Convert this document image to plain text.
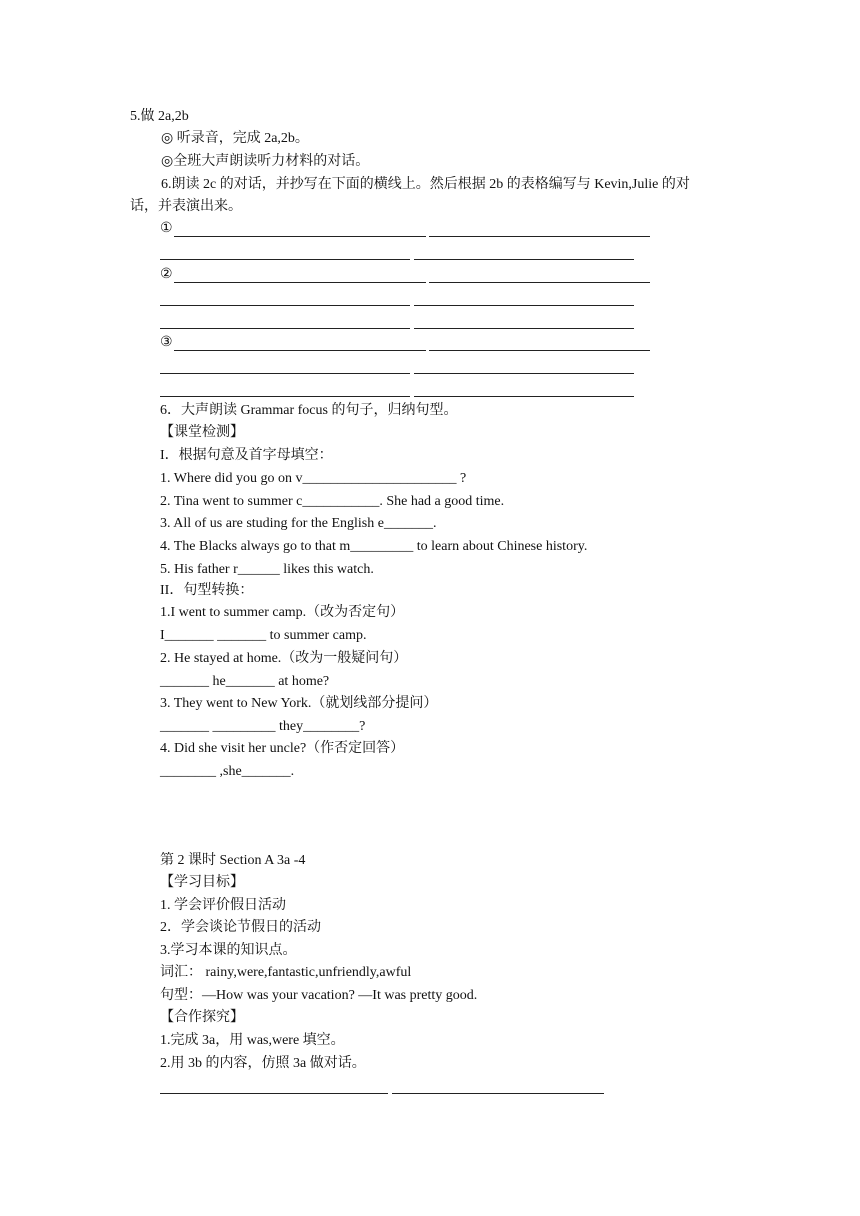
5.做 2a,2b
◎ 听录音，完成 2a,2b。
◎全班大声朗读听力材料的对话。
6.朗读 2c 的对话，并抄写在下面的横线上。然后根据 2b 的表格编写与 Kevin,Julie 的对
话，并表演出来。
①
②
③
6．大声朗读 Grammar focus 的句子，归纳句型。
【课堂检测】
I．根据句意及首字母填空：
1. Where did you go on v______________________ ?
2. Tina went to summer c___________. She had a good time.
3. All of us are studing for the English e_______.
4. The Blacks always go to that m_________ to learn about Chinese history.
5. His father r______ likes this watch.
II．句型转换：
1.I went to summer camp.（改为否定句）
I_______ _______ to summer camp.
2. He stayed at home.（改为一般疑问句）
_______ he_______ at home?
3. They went to New York.（就划线部分提问）
_______ _________ they________?
4. Did she visit her uncle?（作否定回答）
________ ,she_______.
第 2 课时 Section A 3a -4
【学习目标】
1. 学会评价假日活动
2．学会谈论节假日的活动
3.学习本课的知识点。
词汇： rainy,were,fantastic,unfriendly,awful
句型：—How was your vacation? —It was pretty good.
【合作探究】
1.完成 3a，用 was,were 填空。
2.用 3b 的内容，仿照 3a 做对话。
